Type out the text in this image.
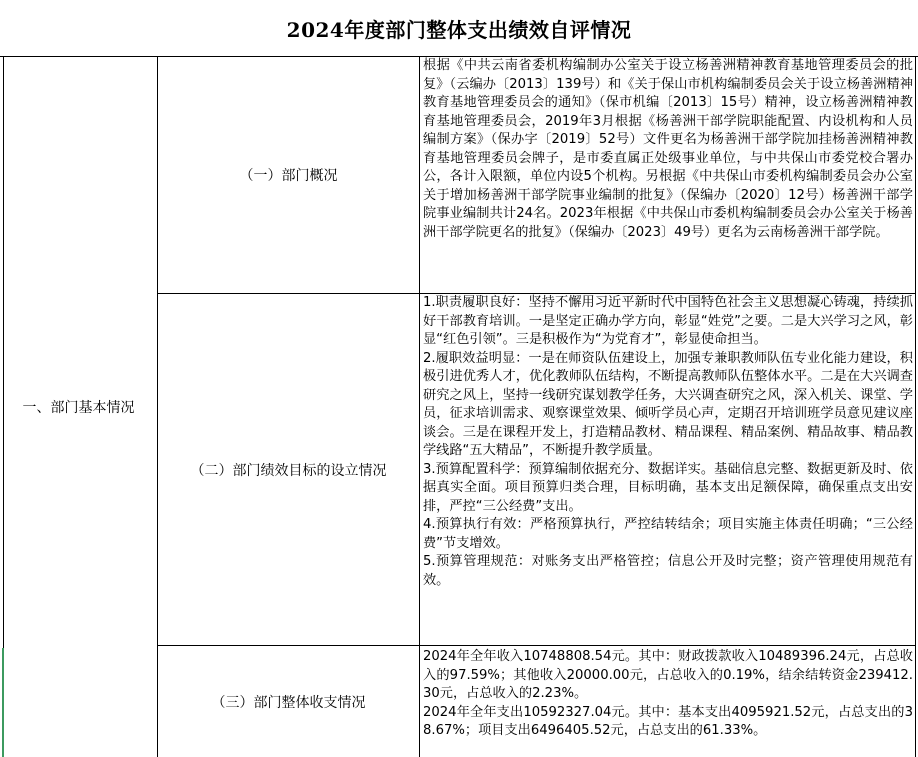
2024年度部门整体支出绩效自评情况
一、部门基本情况
（一）部门概况
根据《中共云南省委机构编制办公室关于设立杨善洲精神教育基地管理委员会的批复》（云编办〔2013〕139号）和《关于保山市机构编制委员会关于设立杨善洲精神教育基地管理委员会的通知》（保市机编〔2013〕15号）精神，设立杨善洲精神教育基地管理委员会，2019年3月根据《杨善洲干部学院职能配置、内设机构和人员编制方案》（保办字〔2019〕52号）文件更名为杨善洲干部学院加挂杨善洲精神教育基地管理委员会牌子，是市委直属正处级事业单位，与中共保山市委党校合署办公，各计入限额，单位内设5个机构。另根据《中共保山市委机构编制委员会办公室关于增加杨善洲干部学院事业编制的批复》（保编办〔2020〕12号）杨善洲干部学院事业编制共计24名。2023年根据《中共保山市委机构编制委员会办公室关于杨善洲干部学院更名的批复》（保编办〔2023〕49号）更名为云南杨善洲干部学院。
（二）部门绩效目标的设立情况
1.职责履职良好：坚持不懈用习近平新时代中国特色社会主义思想凝心铸魂，持续抓好干部教育培训。一是坚定正确办学方向，彰显“姓党”之要。二是大兴学习之风，彰显“红色引领”。三是积极作为“为党育才”，彰显使命担当。
2.履职效益明显：一是在师资队伍建设上，加强专兼职教师队伍专业化能力建设，积极引进优秀人才，优化教师队伍结构，不断提高教师队伍整体水平。二是在大兴调查研究之风上，坚持一线研究谋划教学任务，大兴调查研究之风，深入机关、课堂、学员，征求培训需求、观察课堂效果、倾听学员心声，定期召开培训班学员意见建议座谈会。三是在课程开发上，打造精品教材、精品课程、精品案例、精品故事、精品教学线路“五大精品”，不断提升教学质量。
3.预算配置科学：预算编制依据充分、数据详实。基础信息完整、数据更新及时、依据真实全面。项目预算归类合理，目标明确，基本支出足额保障，确保重点支出安排，严控“三公经费”支出。
4.预算执行有效：严格预算执行，严控结转结余；项目实施主体责任明确；“三公经费”节支增效。
5.预算管理规范：对账务支出严格管控；信息公开及时完整；资产管理使用规范有效。
（三）部门整体收支情况
2024年全年收入10748808.54元。其中：财政拨款收入10489396.24元，占总收入的97.59%；其他收入20000.00元，占总收入的0.19%，结余结转资金239412.30元，占总收入的2.23%。
2024年全年支出10592327.04元。其中：基本支出4095921.52元，占总支出的38.67%；项目支出6496405.52元，占总支出的61.33%。
